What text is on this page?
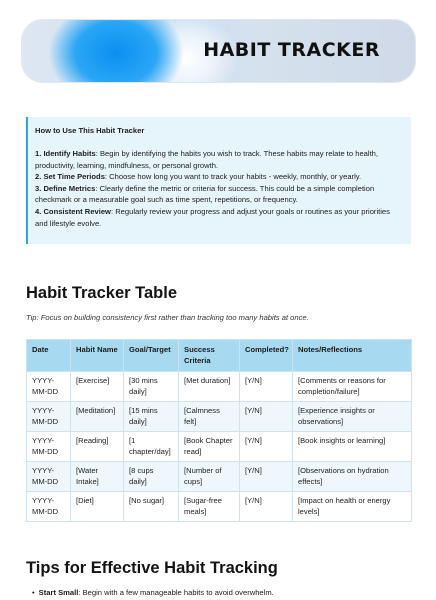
HABIT TRACKER
How to Use This Habit Tracker

1. Identify Habits: Begin by identifying the habits you wish to track. These habits may relate to health, productivity, learning, mindfulness, or personal growth.

2. Set Time Periods: Choose how long you want to track your habits - weekly, monthly, or yearly.

3. Define Metrics: Clearly define the metric or criteria for success. This could be a simple completion checkmark or a measurable goal such as time spent, repetitions, or frequency.

4. Consistent Review: Regularly review your progress and adjust your goals or routines as your priorities and lifestyle evolve.

Habit Tracker Table
Tip: Focus on building consistency first rather than tracking too many habits at once.
Date	Habit Name	Goal/Target	Success Criteria	Completed?	Notes/Reflections
YYYY-MM-DD	[Exercise]	[30 mins daily]	[Met duration]	[Y/N]	[Comments or reasons for completion/failure]
YYYY-MM-DD	[Meditation]	[15 mins daily]	[Calmness felt]	[Y/N]	[Experience insights or observations]
YYYY-MM-DD	[Reading]	[1 chapter/day]	[Book Chapter read]	[Y/N]	[Book insights or learning]
YYYY-MM-DD	[Water Intake]	[8 cups daily]	[Number of cups]	[Y/N]	[Observations on hydration effects]
YYYY-MM-DD	[Diet]	[No sugar]	[Sugar-free meals]	[Y/N]	[Impact on health or energy levels]
Tips for Effective Habit Tracking
• Start Small: Begin with a few manageable habits to avoid overwhelm.
